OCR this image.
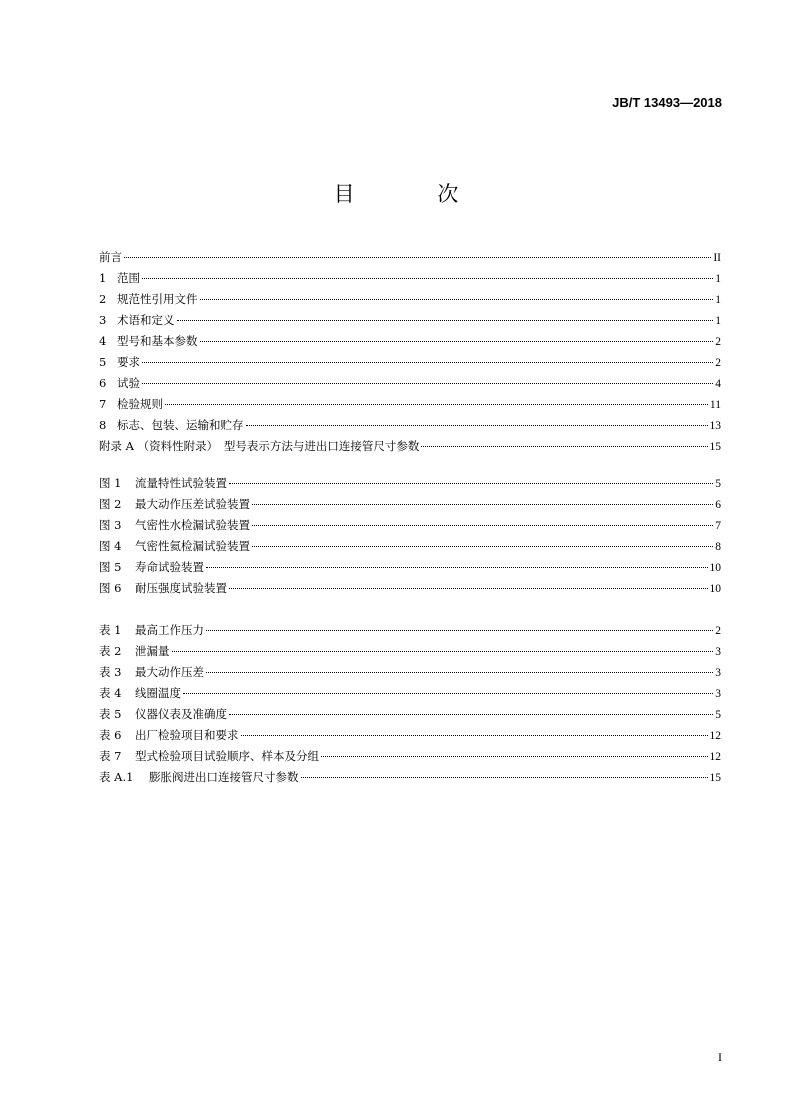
JB/T 13493—2018
目 次
前言	II
1 范围	1
2 规范性引用文件	1
3 术语和定义	1
4 型号和基本参数	2
5 要求	2
6 试验	4
7 检验规则	11
8 标志、包装、运输和贮存	13
附录 A （资料性附录）　型号表示方法与进出口连接管尺寸参数	15
图 1	流量特性试验装置	5
图 2	最大动作压差试验装置	6
图 3	气密性水检漏试验装置	7
图 4	气密性氦检漏试验装置	8
图 5	寿命试验装置	10
图 6	耐压强度试验装置	10
表 1	最高工作压力	2
表 2	泄漏量	3
表 3	最大动作压差	3
表 4	线圈温度	3
表 5	仪器仪表及准确度	5
表 6	出厂检验项目和要求	12
表 7	型式检验项目试验顺序、样本及分组	12
表 A.1	膨胀阀进出口连接管尺寸参数	15
I
